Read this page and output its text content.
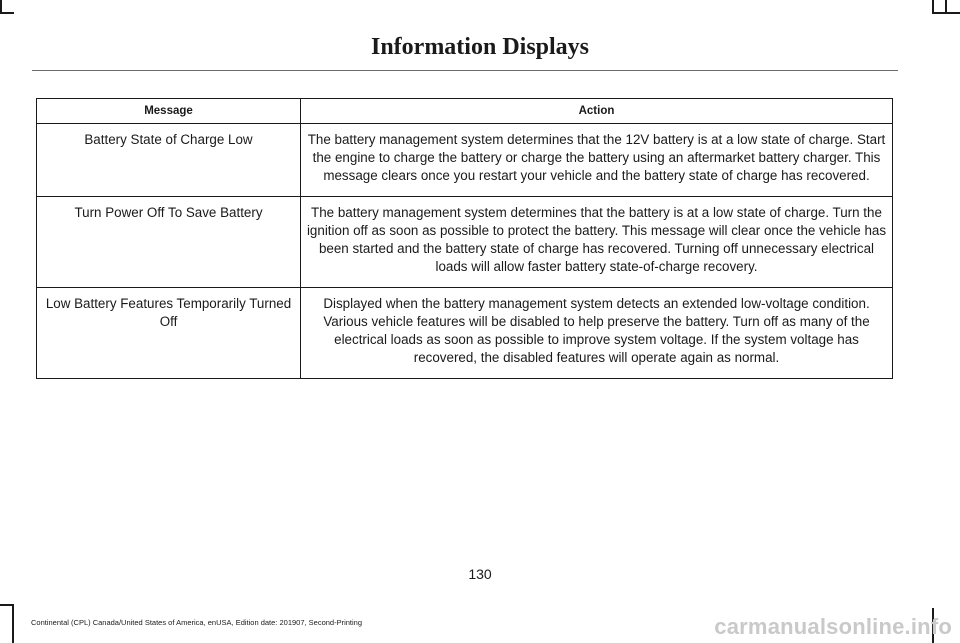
Information Displays
Message	Action
Battery State of Charge Low	The battery management system determines that the 12V battery is at a low state of charge. Start the engine to charge the battery or charge the battery using an aftermarket battery charger. This message clears once you restart your vehicle and the battery state of charge has recovered.
Turn Power Off To Save Battery	The battery management system determines that the battery is at a low state of charge. Turn the ignition off as soon as possible to protect the battery. This message will clear once the vehicle has been started and the battery state of charge has recovered. Turning off unnecessary electrical loads will allow faster battery state-of-charge recovery.
Low Battery Features Temporarily Turned Off	Displayed when the battery management system detects an extended low-voltage condition. Various vehicle features will be disabled to help preserve the battery. Turn off as many of the electrical loads as soon as possible to improve system voltage. If the system voltage has recovered, the disabled features will operate again as normal.
130
Continental (CPL) Canada/United States of America, enUSA, Edition date: 201907, Second-Printing	carmanualsonline.info
